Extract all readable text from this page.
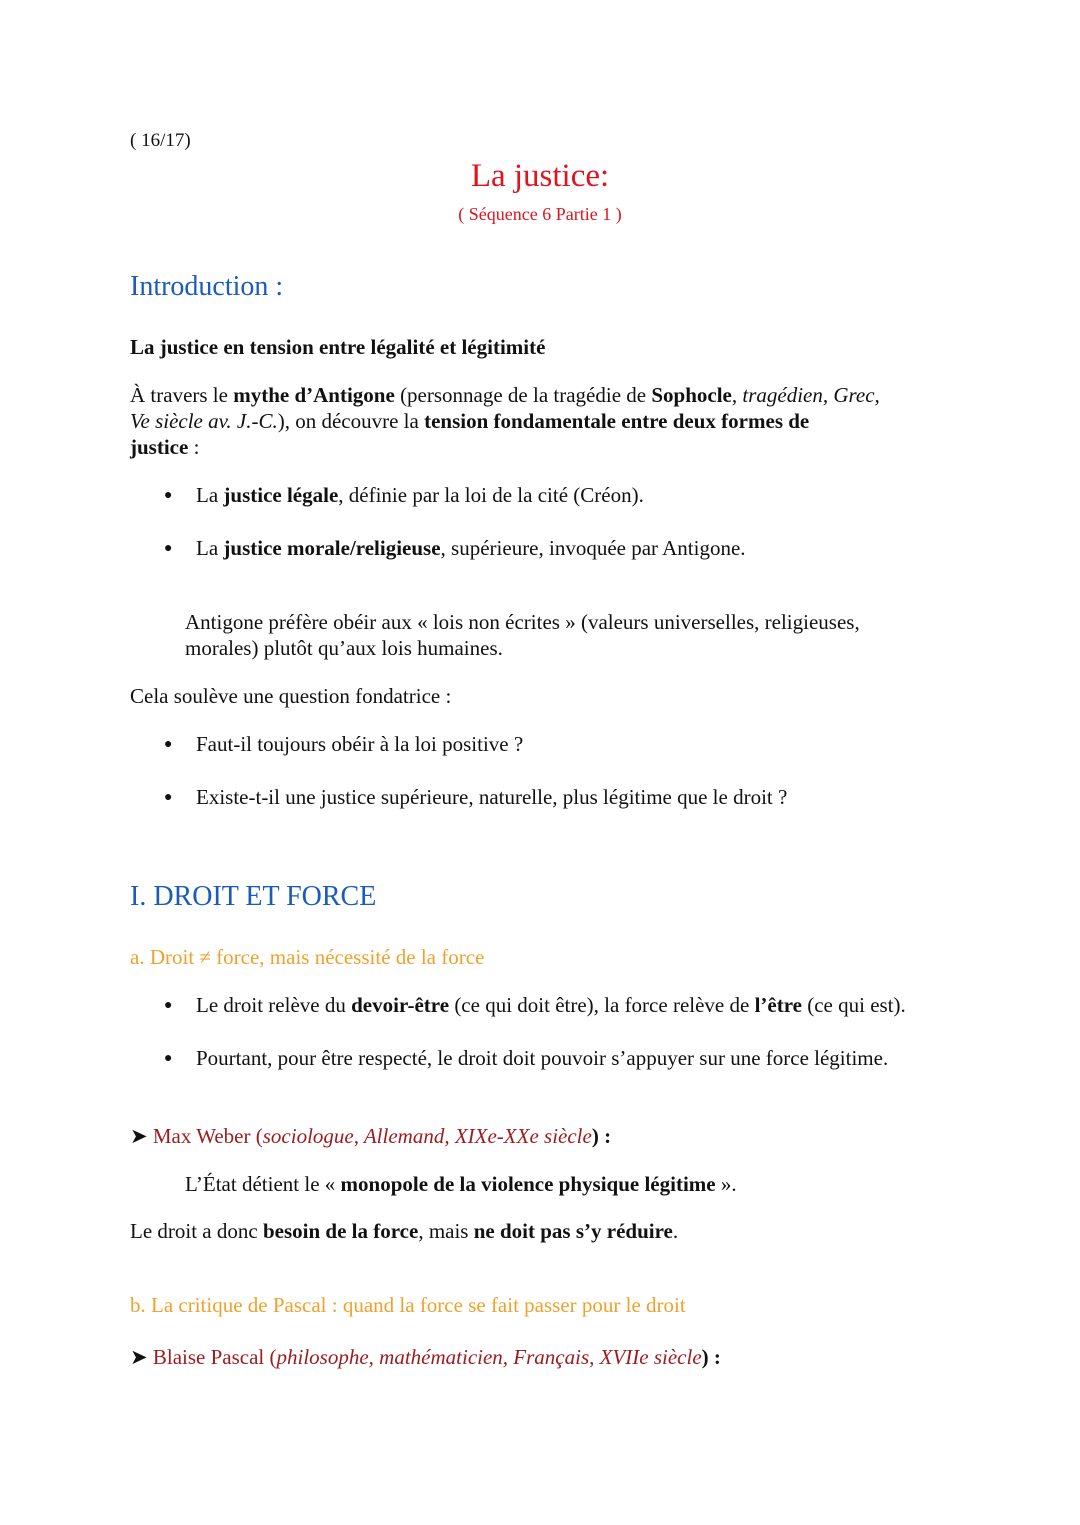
( 16/17)
La justice:
( Séquence 6 Partie 1 )
Introduction :
La justice en tension entre légalité et légitimité
À travers le mythe d’Antigone (personnage de la tragédie de Sophocle, tragédien, Grec,
Ve siècle av. J.-C.), on découvre la tension fondamentale entre deux formes de
justice :
● La justice légale, définie par la loi de la cité (Créon).
● La justice morale/religieuse, supérieure, invoquée par Antigone.
Antigone préfère obéir aux « lois non écrites » (valeurs universelles, religieuses,
morales) plutôt qu’aux lois humaines.
Cela soulève une question fondatrice :
● Faut-il toujours obéir à la loi positive ?
● Existe-t-il une justice supérieure, naturelle, plus légitime que le droit ?
I. DROIT ET FORCE
a. Droit ≠ force, mais nécessité de la force
● Le droit relève du devoir-être (ce qui doit être), la force relève de l’être (ce qui est).
● Pourtant, pour être respecté, le droit doit pouvoir s’appuyer sur une force légitime.
➤ Max Weber (sociologue, Allemand, XIXe-XXe siècle) :
L’État détient le « monopole de la violence physique légitime ».
Le droit a donc besoin de la force, mais ne doit pas s’y réduire.
b. La critique de Pascal : quand la force se fait passer pour le droit
➤ Blaise Pascal (philosophe, mathématicien, Français, XVIIe siècle) :
